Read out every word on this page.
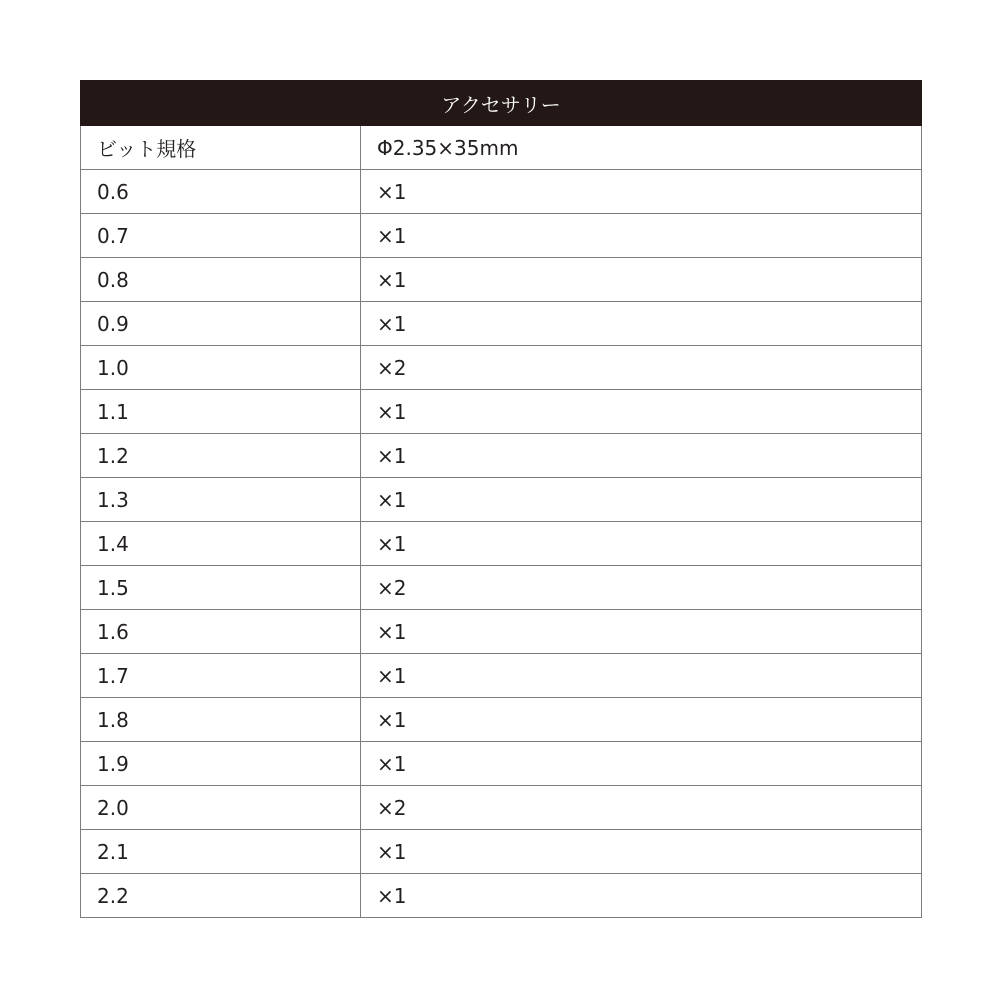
アクセサリー	
ビット規格	Φ2.35×35mm
0.6	×1
0.7	×1
0.8	×1
0.9	×1
1.0	×2
1.1	×1
1.2	×1
1.3	×1
1.4	×1
1.5	×2
1.6	×1
1.7	×1
1.8	×1
1.9	×1
2.0	×2
2.1	×1
2.2	×1
